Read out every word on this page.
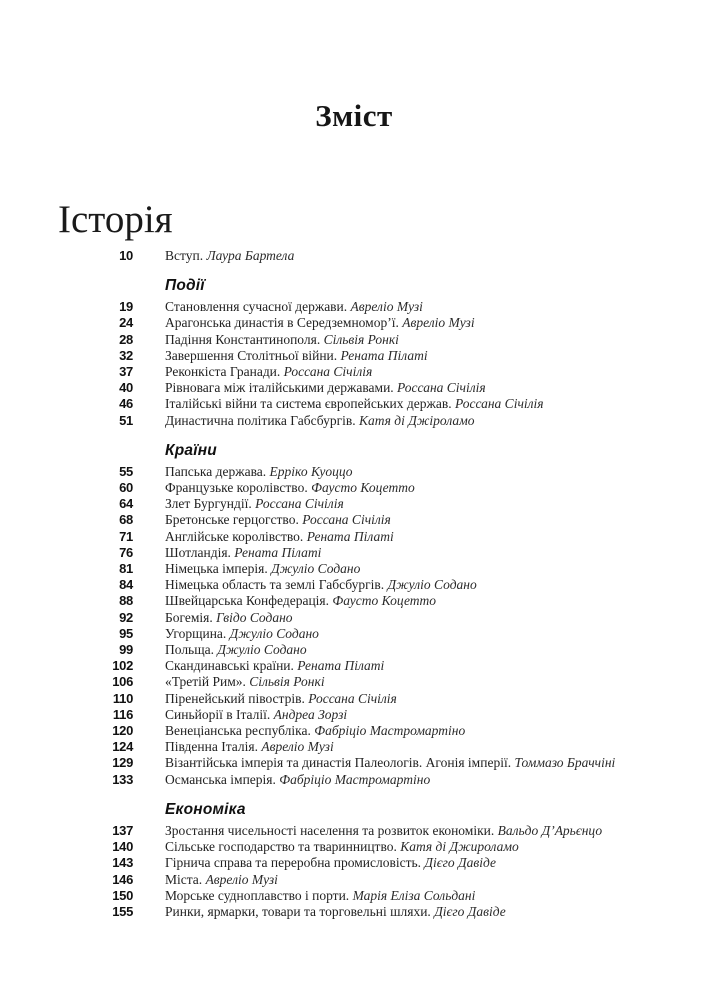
Зміст
Історія
10 Вступ. Лаура Бартела
Події
19 Становлення сучасної держави. Авреліо Музі
24 Арагонська династія в Середземномор’ї. Авреліо Музі
28 Падіння Константинополя. Сільвія Ронкі
32 Завершення Столітньої війни. Рената Пілаті
37 Реконкіста Гранади. Россана Січілія
40 Рівновага між італійськими державами. Россана Січілія
46 Італійські війни та система європейських держав. Россана Січілія
51 Династична політика Габсбургів. Катя ді Джіроламо
Країни
55 Папська держава. Ерріко Куоццо
60 Французьке королівство. Фаусто Коцетто
64 Злет Бургундії. Россана Січілія
68 Бретонське герцогство. Россана Січілія
71 Англійське королівство. Рената Пілаті
76 Шотландія. Рената Пілаті
81 Німецька імперія. Джуліо Содано
84 Німецька область та землі Габсбургів. Джуліо Содано
88 Швейцарська Конфедерація. Фаусто Коцетто
92 Богемія. Гвідо Содано
95 Угорщина. Джуліо Содано
99 Польща. Джуліо Содано
102 Скандинавські країни. Рената Пілаті
106 «Третій Рим». Сільвія Ронкі
110 Піренейський півострів. Россана Січілія
116 Синьйорії в Італії. Андреа Зорзі
120 Венеціанська республіка. Фабріціо Мастромартіно
124 Південна Італія. Авреліо Музі
129 Візантійська імперія та династія Палеологів. Агонія імперії. Томмазо Браччіні
133 Османська імперія. Фабріціо Мастромартіно
Економіка
137 Зростання чисельності населення та розвиток економіки. Вальдо Д’Арьєнцо
140 Сільське господарство та тваринництво. Катя ді Джироламо
143 Гірнича справа та переробна промисловість. Дієго Давіде
146 Міста. Авреліо Музі
150 Морське судноплавство і порти. Марія Еліза Сольдані
155 Ринки, ярмарки, товари та торговельні шляхи. Дієго Давіде
